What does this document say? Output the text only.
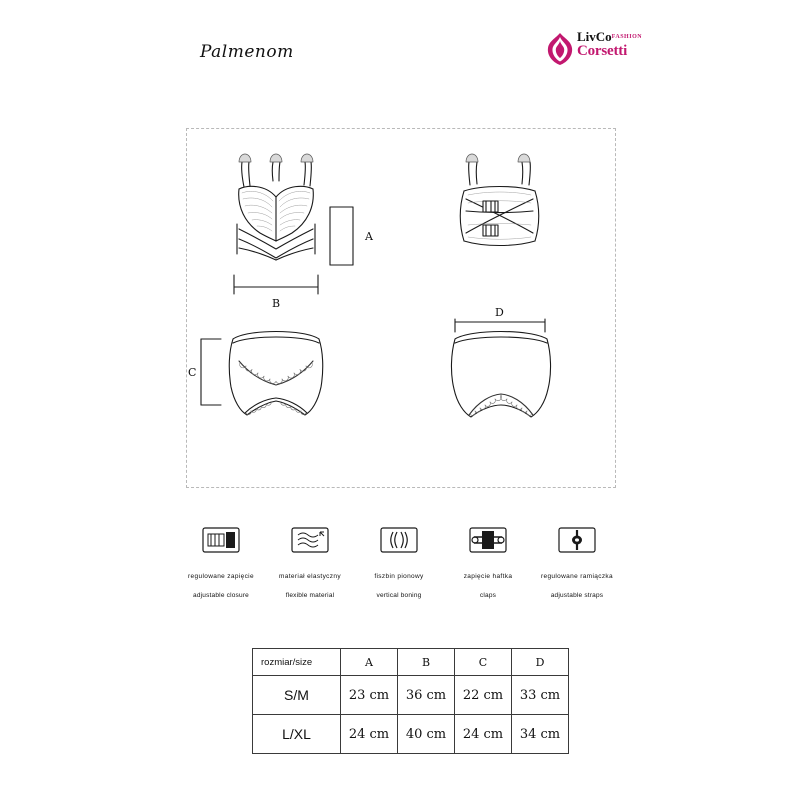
Palmenom
LivCo$^{FASHION}$
Corsetti
A
B
C
D
regulowane zapięcie
adjustable closure
materiał elastyczny
flexible material
fiszbin pionowy
vertical boning
zapięcie haftka
claps
regulowane ramiączka
adjustable straps
rozmiar/size	A	B	C	D
S/M	23 cm	36 cm	22 cm	33 cm
L/XL	24 cm	40 cm	24 cm	34 cm
